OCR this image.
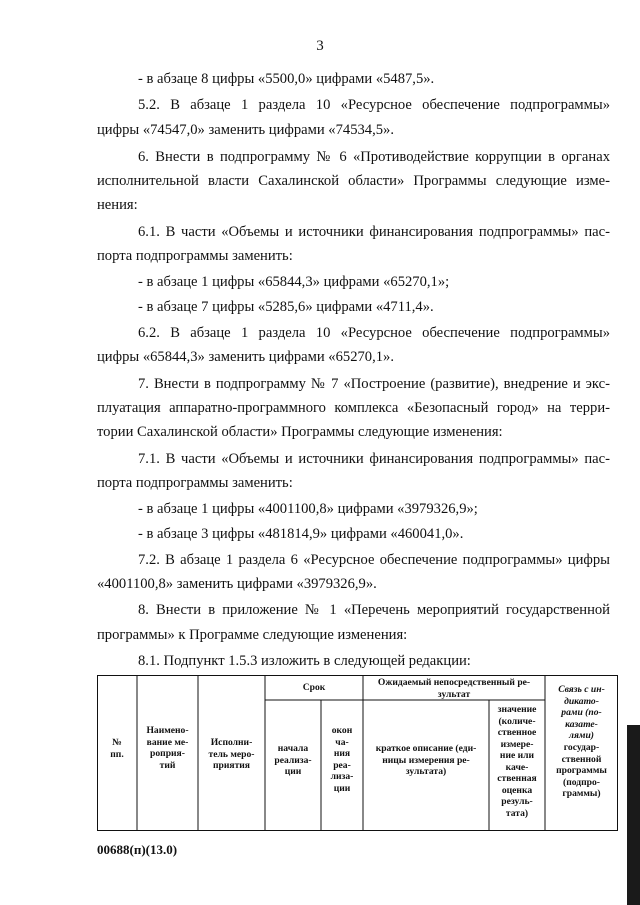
3
- в абзаце 8 цифры «5500,0» цифрами «5487,5».
5.2. В абзаце 1 раздела 10 «Ресурсное обеспечение подпрограммы»
цифры «74547,0» заменить цифрами «74534,5».
6. Внести в подпрограмму № 6 «Противодействие коррупции в органах
исполнительной власти Сахалинской области» Программы следующие изме-
нения:
6.1. В части «Объемы и источники финансирования подпрограммы» пас-
порта подпрограммы заменить:
- в абзаце 1 цифры «65844,3» цифрами «65270,1»;
- в абзаце 7 цифры «5285,6» цифрами «4711,4».
6.2. В абзаце 1 раздела 10 «Ресурсное обеспечение подпрограммы»
цифры «65844,3» заменить цифрами «65270,1».
7. Внести в подпрограмму № 7 «Построение (развитие), внедрение и экс-
плуатация аппаратно-программного комплекса «Безопасный город» на терри-
тории Сахалинской области» Программы следующие изменения:
7.1. В части «Объемы и источники финансирования подпрограммы» пас-
порта подпрограммы заменить:
- в абзаце 1 цифры «4001100,8» цифрами «3979326,9»;
- в абзаце 3 цифры «481814,9» цифрами «460041,0».
7.2. В абзаце 1 раздела 6 «Ресурсное обеспечение подпрограммы» цифры
«4001100,8» заменить цифрами «3979326,9».
8. Внести в приложение № 1 «Перечень мероприятий государственной
программы» к Программе следующие изменения:
8.1. Подпункт 1.5.3 изложить в следующей редакции:
№
пп.
Наимено-
вание ме-
роприя-
тий
Исполни-
тель меро-
приятия
Срок
начала
реализа-
ции
окон
ча-
ния
реа-
лиза-
ции
Ожидаемый непосредственный ре-
зультат
краткое описание (еди-
ницы измерения ре-
зультата)
значение
(количе-
ственное
измере-
ние или
каче-
ственная
оценка
резуль-
тата)
Связь с ин-
дикато-
рами (по-
казате-
лями)
государ-
ственной
программы
(подпро-
граммы)
00688(п)(13.0)
